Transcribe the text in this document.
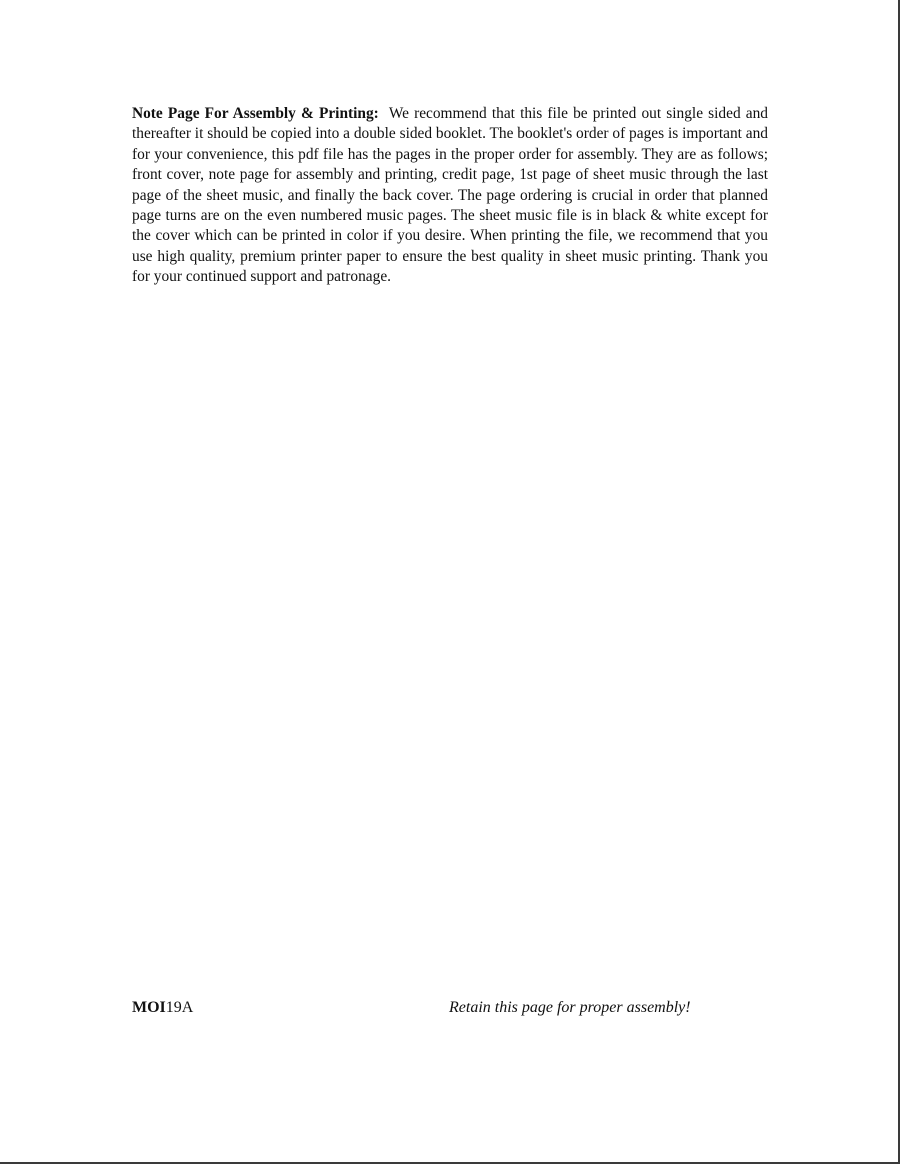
Note Page For Assembly & Printing: We recommend that this file be printed out single sided and thereafter it should be copied into a double sided booklet. The booklet's order of pages is important and for your convenience, this pdf file has the pages in the proper order for assembly. They are as follows; front cover, note page for assembly and printing, credit page, 1st page of sheet music through the last page of the sheet music, and finally the back cover. The page ordering is crucial in order that planned page turns are on the even numbered music pages. The sheet music file is in black & white except for the cover which can be printed in color if you desire. When printing the file, we recommend that you use high quality, premium printer paper to ensure the best quality in sheet music printing. Thank you for your continued support and patronage.
MOI19A	Retain this page for proper assembly!
